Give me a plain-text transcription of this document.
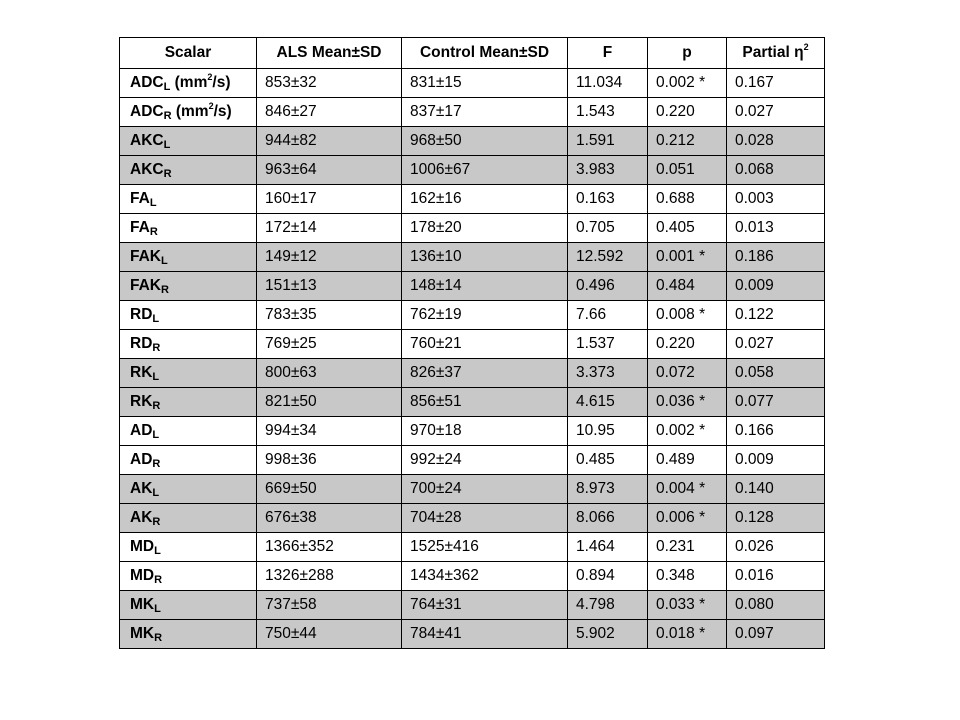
Scalar	ALS Mean±SD	Control Mean±SD	F	p	Partial $\eta^2$
$ADC_L$ $(mm^2/s)$	853±32	831±15	11.034	0.002 *	0.167
$ADC_R$ $(mm^2/s)$	846±27	837±17	1.543	0.220	0.027
$AKC_L$	944±82	968±50	1.591	0.212	0.028
$AKC_R$	963±64	1006±67	3.983	0.051	0.068
$FA_L$	160±17	162±16	0.163	0.688	0.003
$FA_R$	172±14	178±20	0.705	0.405	0.013
$FAK_L$	149±12	136±10	12.592	0.001 *	0.186
$FAK_R$	151±13	148±14	0.496	0.484	0.009
$RD_L$	783±35	762±19	7.66	0.008 *	0.122
$RD_R$	769±25	760±21	1.537	0.220	0.027
$RK_L$	800±63	826±37	3.373	0.072	0.058
$RK_R$	821±50	856±51	4.615	0.036 *	0.077
$AD_L$	994±34	970±18	10.95	0.002 *	0.166
$AD_R$	998±36	992±24	0.485	0.489	0.009
$AK_L$	669±50	700±24	8.973	0.004 *	0.140
$AK_R$	676±38	704±28	8.066	0.006 *	0.128
$MD_L$	1366±352	1525±416	1.464	0.231	0.026
$MD_R$	1326±288	1434±362	0.894	0.348	0.016
$MK_L$	737±58	764±31	4.798	0.033 *	0.080
$MK_R$	750±44	784±41	5.902	0.018 *	0.097
